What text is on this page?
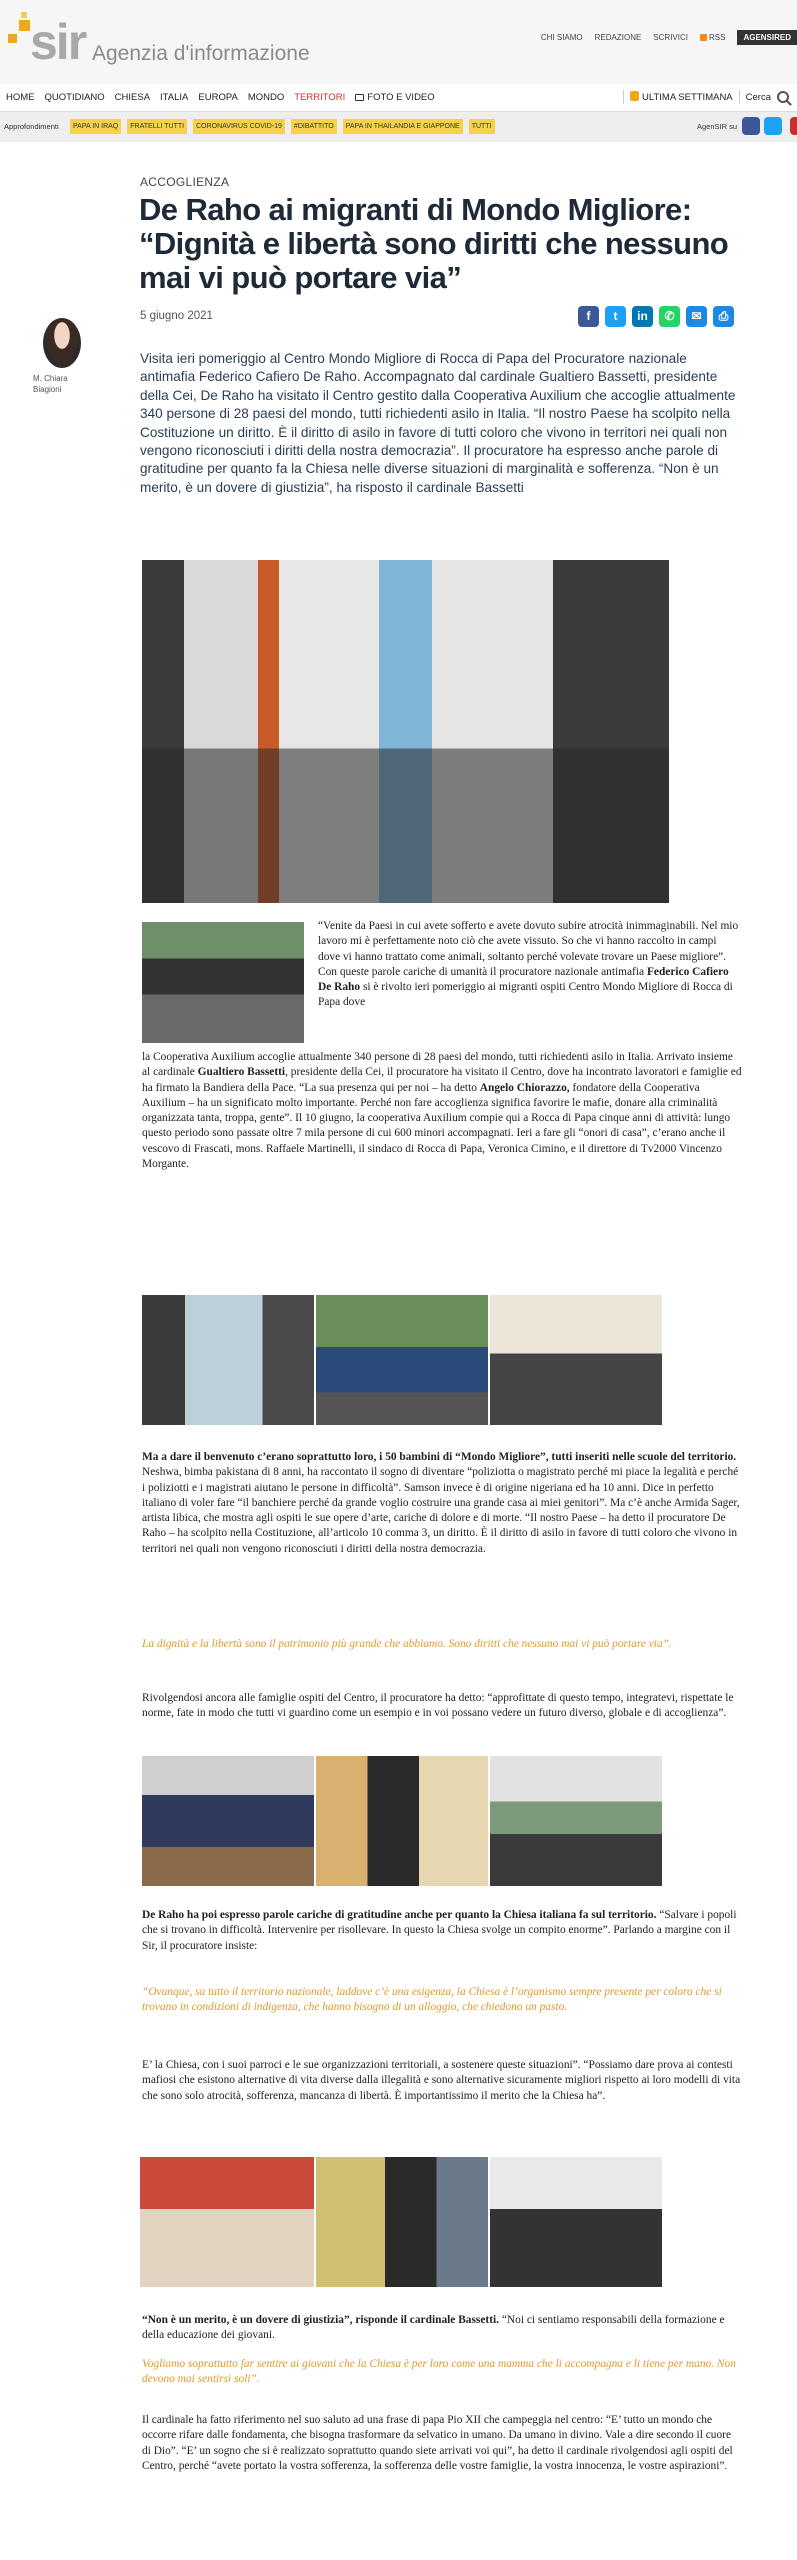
sir Agenzia d'informazione
CHI SIAMO REDAZIONE SCRIVICI	RSS	AGENSIRED
HOME QUOTIDIANO CHIESA ITALIA EUROPA MONDO TERRITORI	FOTO E VIDEO	ULTIMA SETTIMANA Cerca
Approfondimenti	PAPA IN IRAQ	FRATELLI TUTTI	CORONAVIRUS COVID-19	#DIBATTITO	PAPA IN THAILANDIA E GIAPPONE	TUTTI	AgenSIR su
ACCOGLIENZA
De Raho ai migranti di Mondo Migliore: “Dignità e libertà sono diritti che nessuno mai vi può portare via”
5 giugno 2021	f	t	in	✆	✉	⎙
M. Chiara Biagioni

Visita ieri pomeriggio al Centro Mondo Migliore di Rocca di Papa del Procuratore nazionale antimafia Federico Cafiero De Raho. Accompagnato dal cardinale Gualtiero Bassetti, presidente della Cei, De Raho ha visitato il Centro gestito dalla Cooperativa Auxilium che accoglie attualmente 340 persone di 28 paesi del mondo, tutti richiedenti asilo in Italia. “Il nostro Paese ha scolpito nella Costituzione un diritto. È il diritto di asilo in favore di tutti coloro che vivono in territori nei quali non vengono riconosciuti i diritti della nostra democrazia”. Il procuratore ha espresso anche parole di gratitudine per quanto fa la Chiesa nelle diverse situazioni di marginalità e sofferenza. “Non è un merito, è un dovere di giustizia”, ha risposto il cardinale Bassetti

“Venite da Paesi in cui avete sofferto e avete dovuto subire atrocità inimmaginabili. Nel mio lavoro mi è perfettamente noto ciò che avete vissuto. So che vi hanno raccolto in campi dove vi hanno trattato come animali, soltanto perché volevate trovare un Paese migliore”. Con queste parole cariche di umanità il procuratore nazionale antimafia Federico Cafiero De Raho si è rivolto ieri pomeriggio ai migranti ospiti Centro Mondo Migliore di Rocca di Papa dove
la Cooperativa Auxilium accoglie attualmente 340 persone di 28 paesi del mondo, tutti richiedenti asilo in Italia. Arrivato insieme al cardinale Gualtiero Bassetti, presidente della Cei, il procuratore ha visitato il Centro, dove ha incontrato lavoratori e famiglie ed ha firmato la Bandiera della Pace. “La sua presenza qui per noi – ha detto Angelo Chiorazzo, fondatore della Cooperativa Auxilium – ha un significato molto importante. Perché non fare accoglienza significa favorire le mafie, donare alla criminalità organizzata tanta, troppa, gente”. Il 10 giugno, la cooperativa Auxilium compie qui a Rocca di Papa cinque anni di attività: lungo questo periodo sono passate oltre 7 mila persone di cui 600 minori accompagnati. Ieri a fare gli “onori di casa”, c’erano anche il vescovo di Frascati, mons. Raffaele Martinelli, il sindaco di Rocca di Papa, Veronica Cimino, e il direttore di Tv2000 Vincenzo Morgante.
Ma a dare il benvenuto c’erano soprattutto loro, i 50 bambini di “Mondo Migliore”, tutti inseriti nelle scuole del territorio. Neshwa, bimba pakistana di 8 anni, ha raccontato il sogno di diventare “poliziotta o magistrato perché mi piace la legalità e perché i poliziotti e i magistrati aiutano le persone in difficoltà”. Samson invece è di origine nigeriana ed ha 10 anni. Dice in perfetto italiano di voler fare “il banchiere perché da grande voglio costruire una grande casa ai miei genitori”. Ma c’è anche Armida Sager, artista libica, che mostra agli ospiti le sue opere d’arte, cariche di dolore e di morte. “Il nostro Paese – ha detto il procuratore De Raho – ha scolpito nella Costituzione, all’articolo 10 comma 3, un diritto. È il diritto di asilo in favore di tutti coloro che vivono in territori nei quali non vengono riconosciuti i diritti della nostra democrazia.
La dignità e la libertà sono il patrimonio più grande che abbiamo. Sono diritti che nessuno mai vi può portare via”.
Rivolgendosi ancora alle famiglie ospiti del Centro, il procuratore ha detto: “approfittate di questo tempo, integratevi, rispettate le norme, fate in modo che tutti vi guardino come un esempio e in voi possano vedere un futuro diverso, globale e di accoglienza”.
De Raho ha poi espresso parole cariche di gratitudine anche per quanto la Chiesa italiana fa sul territorio. “Salvare i popoli che si trovano in difficoltà. Intervenire per risollevare. In questo la Chiesa svolge un compito enorme”. Parlando a margine con il Sir, il procuratore insiste:
“Ovunque, su tutto il territorio nazionale, laddove c’è una esigenza, la Chiesa è l’organismo sempre presente per coloro che si trovano in condizioni di indigenza, che hanno bisogno di un alloggio, che chiedono un pasto.
E’ la Chiesa, con i suoi parroci e le sue organizzazioni territoriali, a sostenere queste situazioni”. “Possiamo dare prova ai contesti mafiosi che esistono alternative di vita diverse dalla illegalità e sono alternative sicuramente migliori rispetto ai loro modelli di vita che sono solo atrocità, sofferenza, mancanza di libertà. È importantissimo il merito che la Chiesa ha”.
“Non è un merito, è un dovere di giustizia”, risponde il cardinale Bassetti. “Noi ci sentiamo responsabili della formazione e della educazione dei giovani.
Vogliamo soprattutto far sentire ai giovani che la Chiesa è per loro come una mamma che li accompagna e li tiene per mano. Non devono mai sentirsi soli”.
Il cardinale ha fatto riferimento nel suo saluto ad una frase di papa Pio XII che campeggia nel centro: “E’ tutto un mondo che occorre rifare dalle fondamenta, che bisogna trasformare da selvatico in umano. Da umano in divino. Vale a dire secondo il cuore di Dio”. “E’ un sogno che si è realizzato soprattutto quando siete arrivati voi qui”, ha detto il cardinale rivolgendosi agli ospiti del Centro, perché “avete portato la vostra sofferenza, la sofferenza delle vostre famiglie, la vostra innocenza, le vostre aspirazioni”.
